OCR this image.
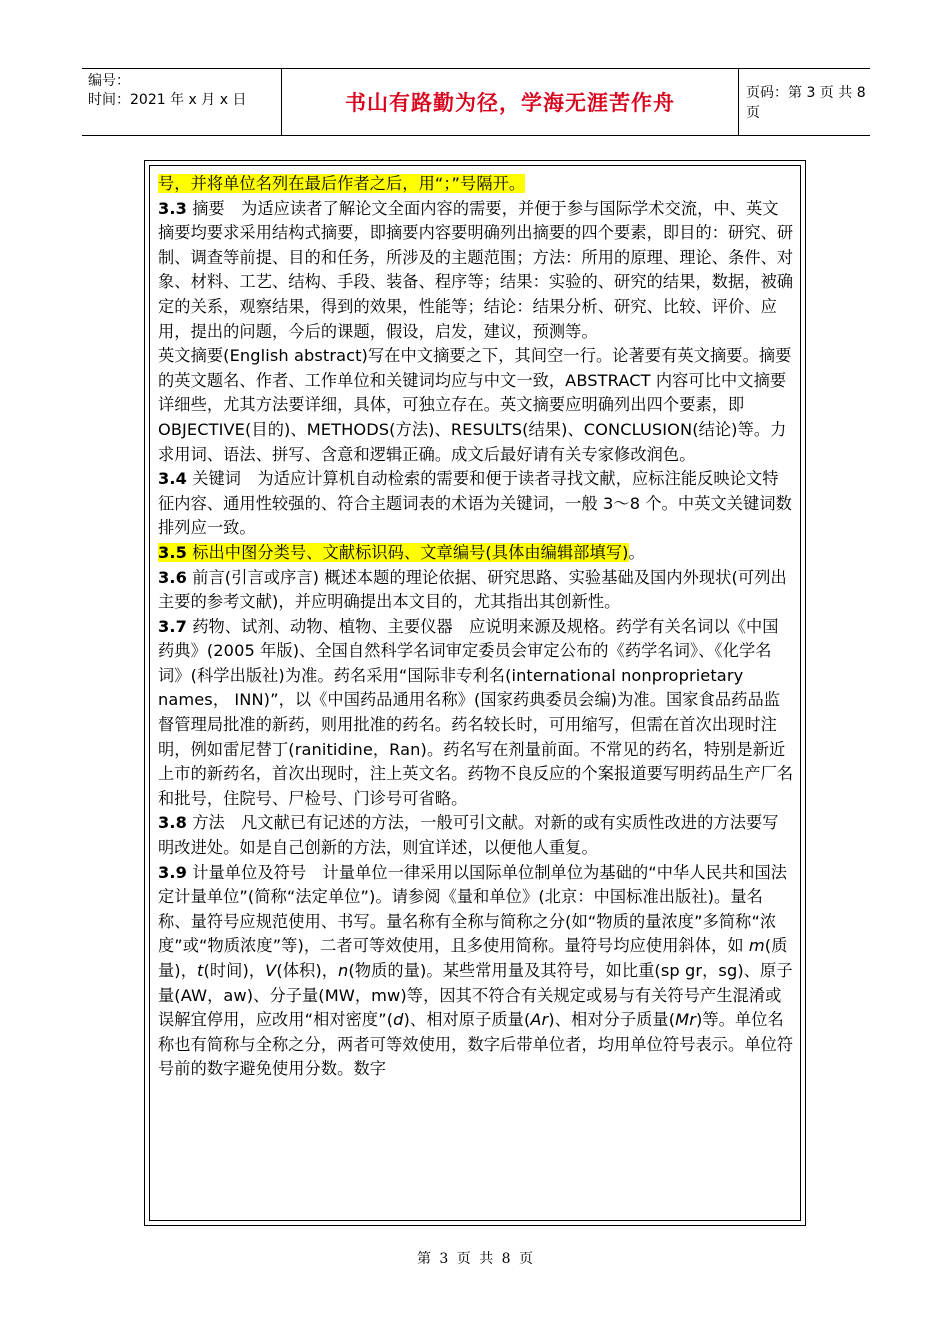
编号：
时间：2021 年 x 月 x 日	书山有路勤为径，学海无涯苦作舟	页码：第 3 页 共 8 页

号，并将单位名列在最后作者之后，用“；”号隔开。

3.3 摘要　为适应读者了解论文全面内容的需要，并便于参与国际学术交流，中、英文摘要均要求采用结构式摘要，即摘要内容要明确列出摘要的四个要素，即目的：研究、研制、调查等前提、目的和任务，所涉及的主题范围；方法：所用的原理、理论、条件、对象、材料、工艺、结构、手段、装备、程序等；结果：实验的、研究的结果，数据，被确定的关系，观察结果，得到的效果，性能等；结论：结果分析、研究、比较、评价、应用，提出的问题，今后的课题，假设，启发，建议，预测等。

英文摘要(English abstract)写在中文摘要之下，其间空一行。论著要有英文摘要。摘要的英文题名、作者、工作单位和关键词均应与中文一致，ABSTRACT 内容可比中文摘要详细些，尤其方法要详细，具体，可独立存在。英文摘要应明确列出四个要素，即 OBJECTIVE(目的)、METHODS(方法)、RESULTS(结果)、CONCLUSION(结论)等。力求用词、语法、拼写、含意和逻辑正确。成文后最好请有关专家修改润色。

3.4 关键词　为适应计算机自动检索的需要和便于读者寻找文献，应标注能反映论文特征内容、通用性较强的、符合主题词表的术语为关键词，一般 3～8 个。中英文关键词数排列应一致。

3.5 标出中图分类号、文献标识码、文章编号(具体由编辑部填写)。

3.6 前言(引言或序言) 概述本题的理论依据、研究思路、实验基础及国内外现状(可列出主要的参考文献)，并应明确提出本文目的，尤其指出其创新性。

3.7 药物、试剂、动物、植物、主要仪器　应说明来源及规格。药学有关名词以《中国药典》(2005 年版)、全国自然科学名词审定委员会审定公布的《药学名词》、《化学名词》(科学出版社)为准。药名采用“国际非专利名(international nonproprietary names， INN)”，以《中国药品通用名称》(国家药典委员会编)为准。国家食品药品监督管理局批准的新药，则用批准的药名。药名较长时，可用缩写，但需在首次出现时注明，例如雷尼替丁(ranitidine，Ran)。药名写在剂量前面。不常见的药名，特别是新近上市的新药名，首次出现时，注上英文名。药物不良反应的个案报道要写明药品生产厂名和批号，住院号、尸检号、门诊号可省略。

3.8 方法　凡文献已有记述的方法，一般可引文献。对新的或有实质性改进的方法要写明改进处。如是自己创新的方法，则宜详述，以便他人重复。

3.9 计量单位及符号　计量单位一律采用以国际单位制单位为基础的“中华人民共和国法定计量单位”(简称“法定单位”)。请参阅《量和单位》(北京：中国标准出版社)。量名称、量符号应规范使用、书写。量名称有全称与简称之分(如“物质的量浓度”多简称“浓度”或“物质浓度”等)，二者可等效使用，且多使用简称。量符号均应使用斜体，如 m(质量)，t(时间)，V(体积)，n(物质的量)。某些常用量及其符号，如比重(sp gr，sg)、原子量(AW，aw)、分子量(MW，mw)等，因其不符合有关规定或易与有关符号产生混淆或误解宜停用，应改用“相对密度”(d)、相对原子质量(Ar)、相对分子质量(Mr)等。单位名称也有简称与全称之分，两者可等效使用，数字后带单位者，均用单位符号表示。单位符号前的数字避免使用分数。数字

第 3 页 共 8 页
